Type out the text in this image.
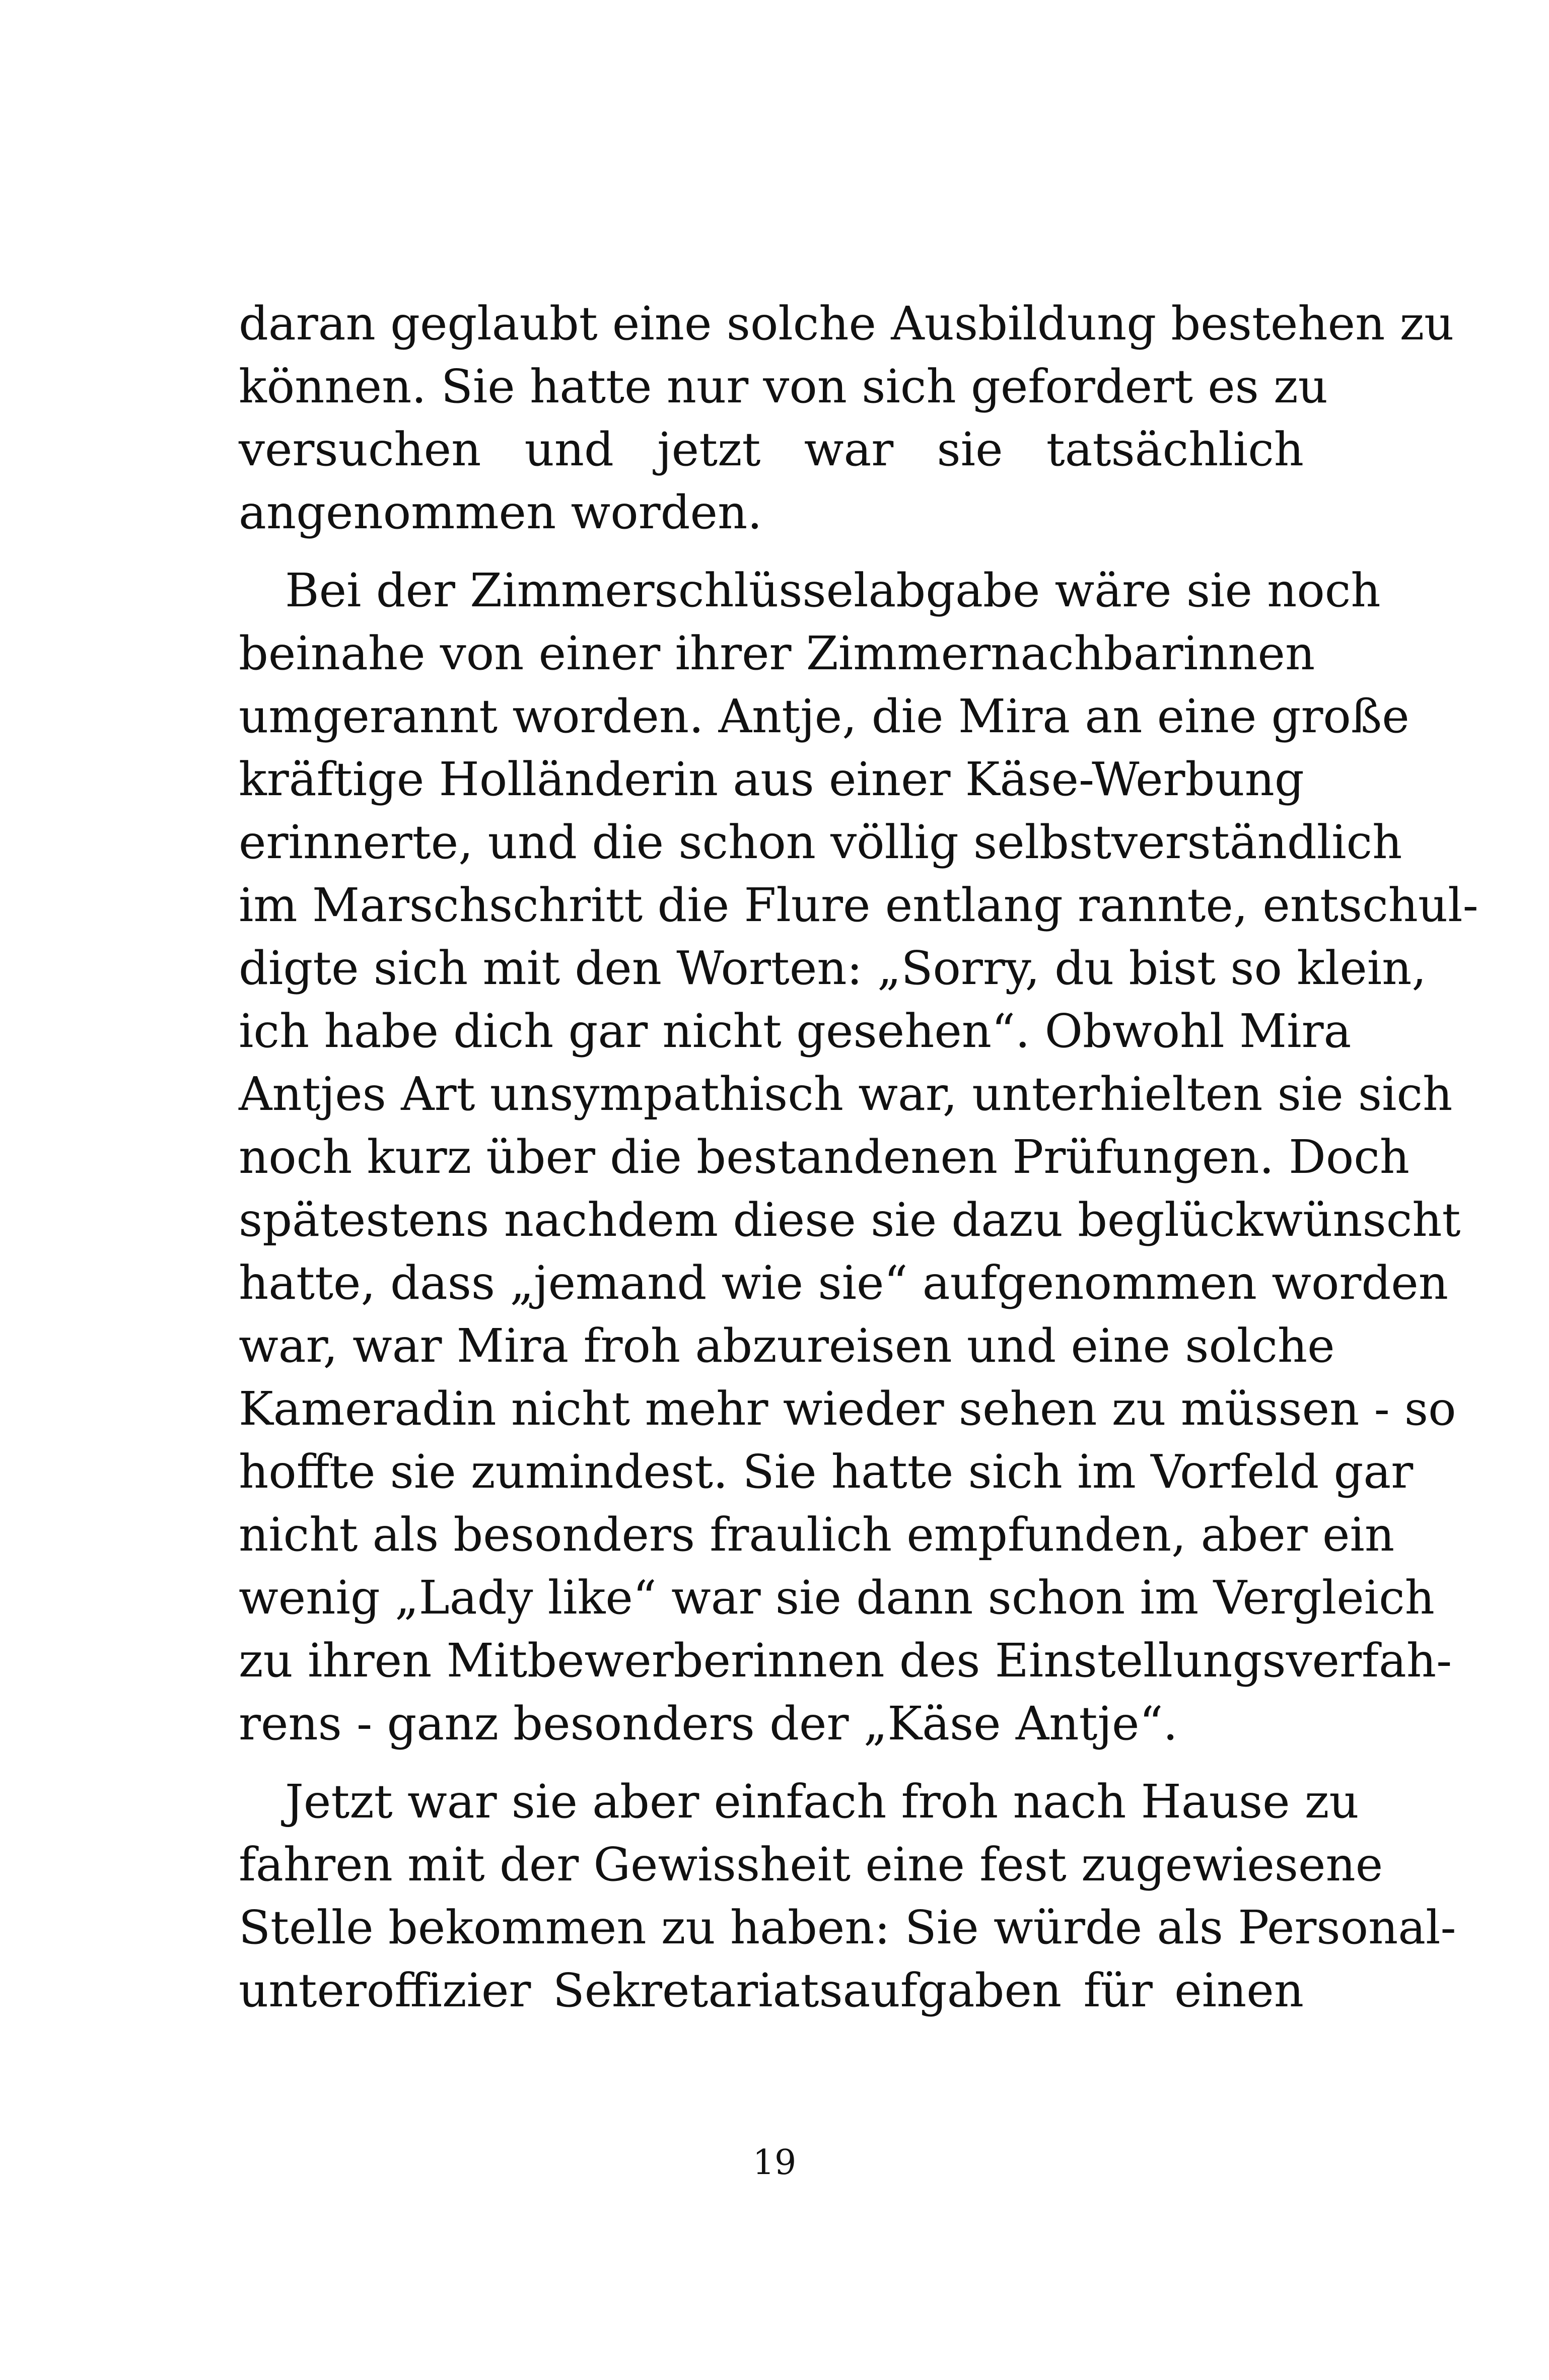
daran geglaubt eine solche Ausbildung bestehen zu
können. Sie hatte nur von sich gefordert es zu
versuchen und jetzt war sie tatsächlich
angenommen worden.
Bei der Zimmerschlüsselabgabe wäre sie noch
beinahe von einer ihrer Zimmernachbarinnen
umgerannt worden. Antje, die Mira an eine große
kräftige Holländerin aus einer Käse-Werbung
erinnerte, und die schon völlig selbstverständlich
im Marschschritt die Flure entlang rannte, entschul-
digte sich mit den Worten: „Sorry, du bist so klein,
ich habe dich gar nicht gesehen“. Obwohl Mira
Antjes Art unsympathisch war, unterhielten sie sich
noch kurz über die bestandenen Prüfungen. Doch
spätestens nachdem diese sie dazu beglückwünscht
hatte, dass „jemand wie sie“ aufgenommen worden
war, war Mira froh abzureisen und eine solche
Kameradin nicht mehr wieder sehen zu müssen - so
hoffte sie zumindest. Sie hatte sich im Vorfeld gar
nicht als besonders fraulich empfunden, aber ein
wenig „Lady like“ war sie dann schon im Vergleich
zu ihren Mitbewerberinnen des Einstellungsverfah-
rens - ganz besonders der „Käse Antje“.
Jetzt war sie aber einfach froh nach Hause zu
fahren mit der Gewissheit eine fest zugewiesene
Stelle bekommen zu haben: Sie würde als Personal-
unteroffizier Sekretariatsaufgaben für einen
19
